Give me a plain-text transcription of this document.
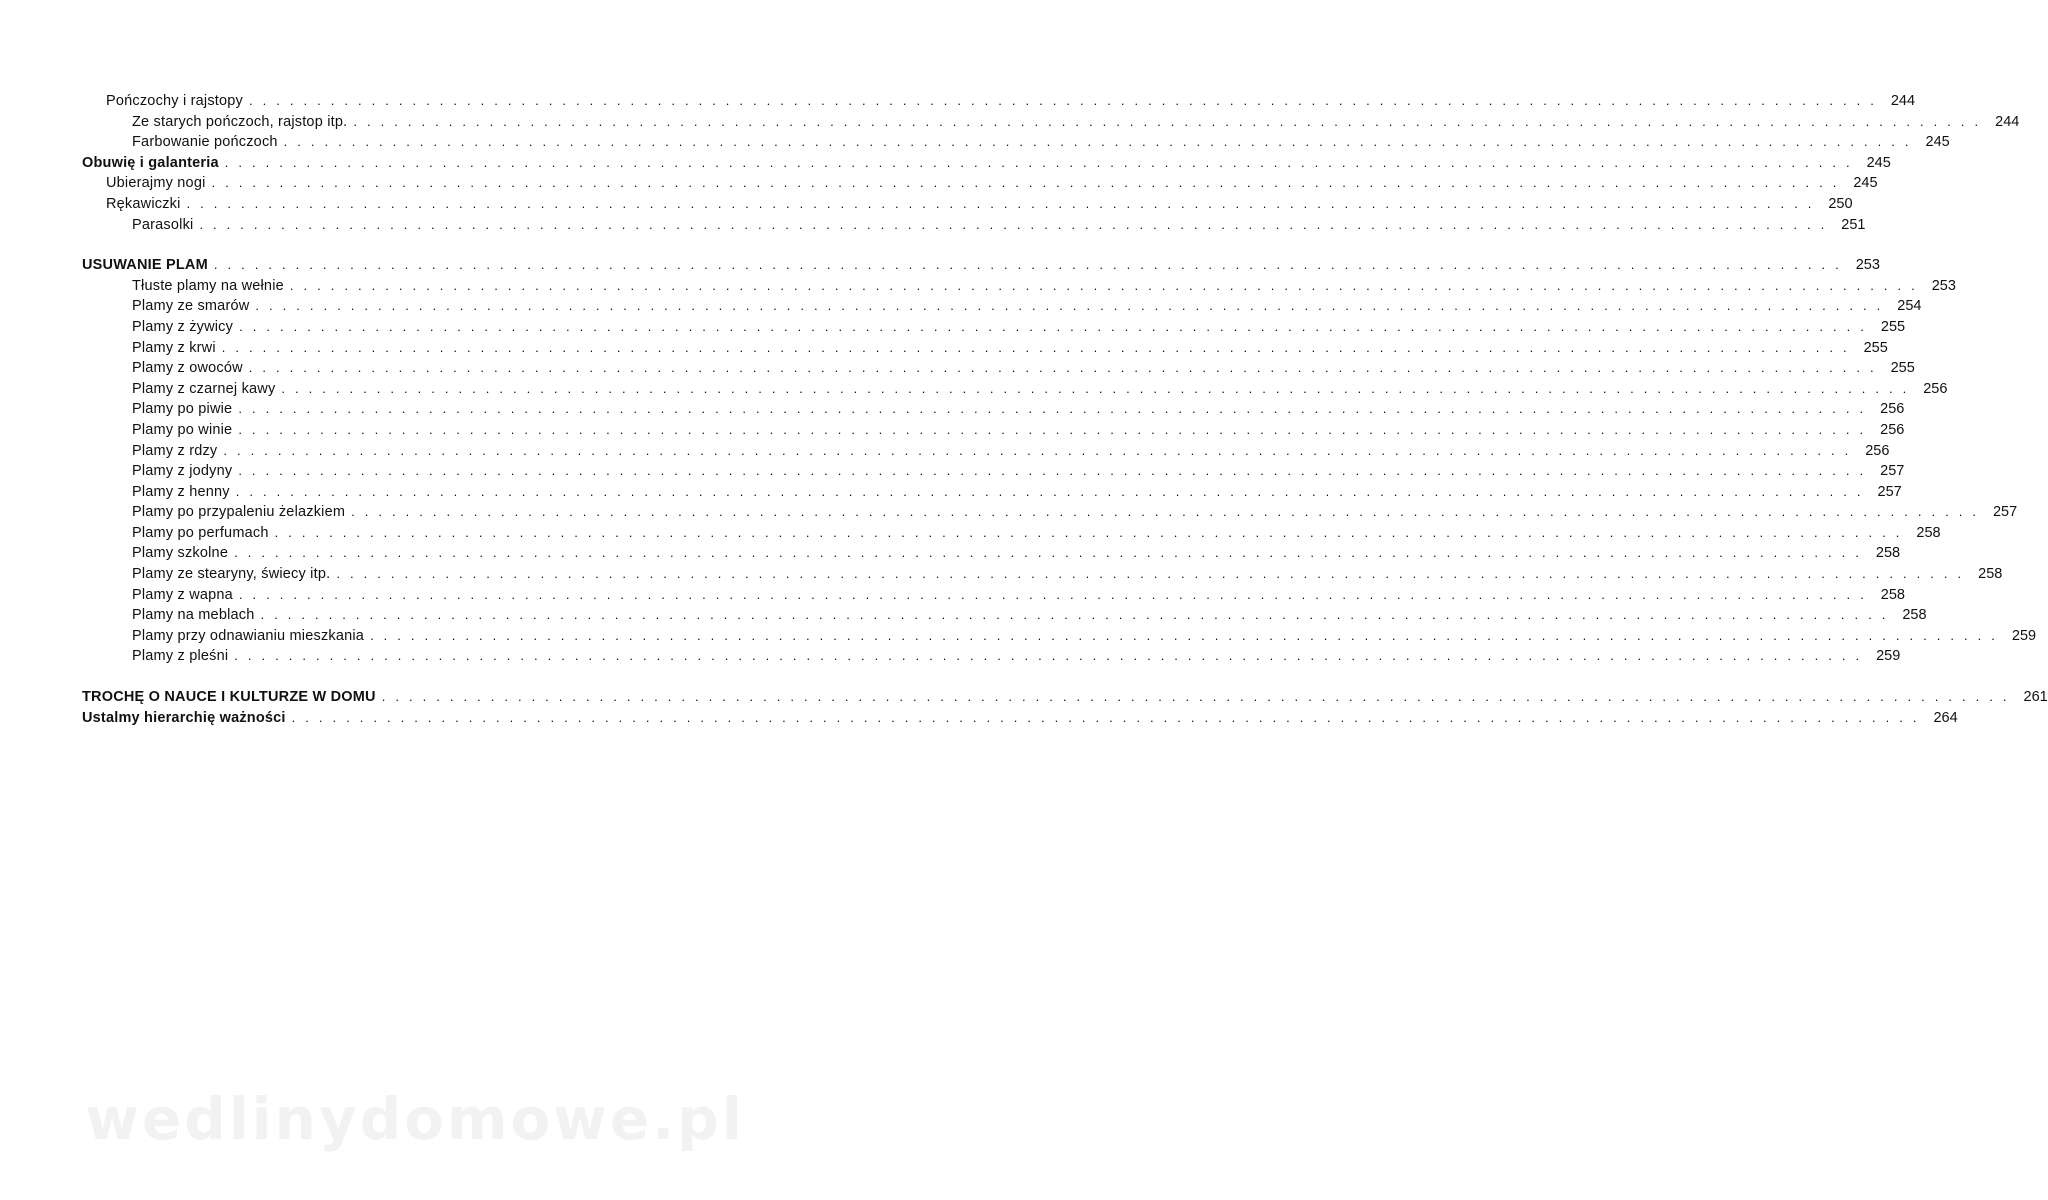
Pończochy i rajstopy . . . . . . . . . . . . . . . . . . . . . . . . . . . . . . . . . . . . . . . . . . . . . . . . . . . . . . . . . . . . . . . . . . . . . . . . . . . . . . . . . . . . . . . . . . . . . . . . . . . . . . . . . . . . . . . . . . . . . . . . 244
Ze starych pończoch, rajstop itp. . . . . . . . . . . . . . . . . . . . . . . . . . . . . . . . . . . . . . . . . . . . . . . . . . . . . . . . . . . . . . . . . . . . . . . . . . . . . . . . . . . . . . . . . . . . . . . . . . . . . . . . . . . . . . . . . . . . . . . . . 244
Farbowanie pończoch . . . . . . . . . . . . . . . . . . . . . . . . . . . . . . . . . . . . . . . . . . . . . . . . . . . . . . . . . . . . . . . . . . . . . . . . . . . . . . . . . . . . . . . . . . . . . . . . . . . . . . . . . . . . . . . . . . . . . . . . 245
Obuwię i galanteria . . . . . . . . . . . . . . . . . . . . . . . . . . . . . . . . . . . . . . . . . . . . . . . . . . . . . . . . . . . . . . . . . . . . . . . . . . . . . . . . . . . . . . . . . . . . . . . . . . . . . . . . . . . . . . . . . . . . . . . . 245
Ubierajmy nogi . . . . . . . . . . . . . . . . . . . . . . . . . . . . . . . . . . . . . . . . . . . . . . . . . . . . . . . . . . . . . . . . . . . . . . . . . . . . . . . . . . . . . . . . . . . . . . . . . . . . . . . . . . . . . . . . . . . . . . . . 245
Rękawiczki . . . . . . . . . . . . . . . . . . . . . . . . . . . . . . . . . . . . . . . . . . . . . . . . . . . . . . . . . . . . . . . . . . . . . . . . . . . . . . . . . . . . . . . . . . . . . . . . . . . . . . . . . . . . . . . . . . . . . . . . 250
Parasolki . . . . . . . . . . . . . . . . . . . . . . . . . . . . . . . . . . . . . . . . . . . . . . . . . . . . . . . . . . . . . . . . . . . . . . . . . . . . . . . . . . . . . . . . . . . . . . . . . . . . . . . . . . . . . . . . . . . . . . . . 251
USUWANIE PLAM . . . . . . . . . . . . . . . . . . . . . . . . . . . . . . . . . . . . . . . . . . . . . . . . . . . . . . . . . . . . . . . . . . . . . . . . . . . . . . . . . . . . . . . . . . . . . . . . . . . . . . . . . . . . . . . . . . . . . . . . 253
Tłuste plamy na wełnie . . . . . . . . . . . . . . . . . . . . . . . . . . . . . . . . . . . . . . . . . . . . . . . . . . . . . . . . . . . . . . . . . . . . . . . . . . . . . . . . . . . . . . . . . . . . . . . . . . . . . . . . . . . . . . . . . . . . . . . . 253
Plamy ze smarów . . . . . . . . . . . . . . . . . . . . . . . . . . . . . . . . . . . . . . . . . . . . . . . . . . . . . . . . . . . . . . . . . . . . . . . . . . . . . . . . . . . . . . . . . . . . . . . . . . . . . . . . . . . . . . . . . . . . . . . . 254
Plamy z żywicy . . . . . . . . . . . . . . . . . . . . . . . . . . . . . . . . . . . . . . . . . . . . . . . . . . . . . . . . . . . . . . . . . . . . . . . . . . . . . . . . . . . . . . . . . . . . . . . . . . . . . . . . . . . . . . . . . . . . . . . . 255
Plamy z krwi . . . . . . . . . . . . . . . . . . . . . . . . . . . . . . . . . . . . . . . . . . . . . . . . . . . . . . . . . . . . . . . . . . . . . . . . . . . . . . . . . . . . . . . . . . . . . . . . . . . . . . . . . . . . . . . . . . . . . . . . 255
Plamy z owoców . . . . . . . . . . . . . . . . . . . . . . . . . . . . . . . . . . . . . . . . . . . . . . . . . . . . . . . . . . . . . . . . . . . . . . . . . . . . . . . . . . . . . . . . . . . . . . . . . . . . . . . . . . . . . . . . . . . . . . . . 255
Plamy z czarnej kawy . . . . . . . . . . . . . . . . . . . . . . . . . . . . . . . . . . . . . . . . . . . . . . . . . . . . . . . . . . . . . . . . . . . . . . . . . . . . . . . . . . . . . . . . . . . . . . . . . . . . . . . . . . . . . . . . . . . . . . . . 256
Plamy po piwie . . . . . . . . . . . . . . . . . . . . . . . . . . . . . . . . . . . . . . . . . . . . . . . . . . . . . . . . . . . . . . . . . . . . . . . . . . . . . . . . . . . . . . . . . . . . . . . . . . . . . . . . . . . . . . . . . . . . . . . . 256
Plamy po winie . . . . . . . . . . . . . . . . . . . . . . . . . . . . . . . . . . . . . . . . . . . . . . . . . . . . . . . . . . . . . . . . . . . . . . . . . . . . . . . . . . . . . . . . . . . . . . . . . . . . . . . . . . . . . . . . . . . . . . . . 256
Plamy z rdzy . . . . . . . . . . . . . . . . . . . . . . . . . . . . . . . . . . . . . . . . . . . . . . . . . . . . . . . . . . . . . . . . . . . . . . . . . . . . . . . . . . . . . . . . . . . . . . . . . . . . . . . . . . . . . . . . . . . . . . . . 256
Plamy z jodyny . . . . . . . . . . . . . . . . . . . . . . . . . . . . . . . . . . . . . . . . . . . . . . . . . . . . . . . . . . . . . . . . . . . . . . . . . . . . . . . . . . . . . . . . . . . . . . . . . . . . . . . . . . . . . . . . . . . . . . . . 257
Plamy z henny . . . . . . . . . . . . . . . . . . . . . . . . . . . . . . . . . . . . . . . . . . . . . . . . . . . . . . . . . . . . . . . . . . . . . . . . . . . . . . . . . . . . . . . . . . . . . . . . . . . . . . . . . . . . . . . . . . . . . . . . 257
Plamy po przypaleniu żelazkiem . . . . . . . . . . . . . . . . . . . . . . . . . . . . . . . . . . . . . . . . . . . . . . . . . . . . . . . . . . . . . . . . . . . . . . . . . . . . . . . . . . . . . . . . . . . . . . . . . . . . . . . . . . . . . . . . . . . . . . . . 257
Plamy po perfumach . . . . . . . . . . . . . . . . . . . . . . . . . . . . . . . . . . . . . . . . . . . . . . . . . . . . . . . . . . . . . . . . . . . . . . . . . . . . . . . . . . . . . . . . . . . . . . . . . . . . . . . . . . . . . . . . . . . . . . . . 258
Plamy szkolne . . . . . . . . . . . . . . . . . . . . . . . . . . . . . . . . . . . . . . . . . . . . . . . . . . . . . . . . . . . . . . . . . . . . . . . . . . . . . . . . . . . . . . . . . . . . . . . . . . . . . . . . . . . . . . . . . . . . . . . . 258
Plamy ze stearyny, świecy itp. . . . . . . . . . . . . . . . . . . . . . . . . . . . . . . . . . . . . . . . . . . . . . . . . . . . . . . . . . . . . . . . . . . . . . . . . . . . . . . . . . . . . . . . . . . . . . . . . . . . . . . . . . . . . . . . . . . . . . . . . 258
Plamy z wapna . . . . . . . . . . . . . . . . . . . . . . . . . . . . . . . . . . . . . . . . . . . . . . . . . . . . . . . . . . . . . . . . . . . . . . . . . . . . . . . . . . . . . . . . . . . . . . . . . . . . . . . . . . . . . . . . . . . . . . . . 258
Plamy na meblach . . . . . . . . . . . . . . . . . . . . . . . . . . . . . . . . . . . . . . . . . . . . . . . . . . . . . . . . . . . . . . . . . . . . . . . . . . . . . . . . . . . . . . . . . . . . . . . . . . . . . . . . . . . . . . . . . . . . . . . . 258
Plamy przy odnawianiu mieszkania . . . . . . . . . . . . . . . . . . . . . . . . . . . . . . . . . . . . . . . . . . . . . . . . . . . . . . . . . . . . . . . . . . . . . . . . . . . . . . . . . . . . . . . . . . . . . . . . . . . . . . . . . . . . . . . . . . . . . . . . 259
Plamy z pleśni . . . . . . . . . . . . . . . . . . . . . . . . . . . . . . . . . . . . . . . . . . . . . . . . . . . . . . . . . . . . . . . . . . . . . . . . . . . . . . . . . . . . . . . . . . . . . . . . . . . . . . . . . . . . . . . . . . . . . . . . 259
TROCHĘ O NAUCE I KULTURZE W DOMU . . . . . . . . . . . . . . . . . . . . . . . . . . . . . . . . . . . . . . . . . . . . . . . . . . . . . . . . . . . . . . . . . . . . . . . . . . . . . . . . . . . . . . . . . . . . . . . . . . . . . . . . . . . . . . . . . . . . . . . . 261
Ustalmy hierarchię ważności . . . . . . . . . . . . . . . . . . . . . . . . . . . . . . . . . . . . . . . . . . . . . . . . . . . . . . . . . . . . . . . . . . . . . . . . . . . . . . . . . . . . . . . . . . . . . . . . . . . . . . . . . . . . . . . . . . . . . . . . 264
wedlinydomowe.pl
